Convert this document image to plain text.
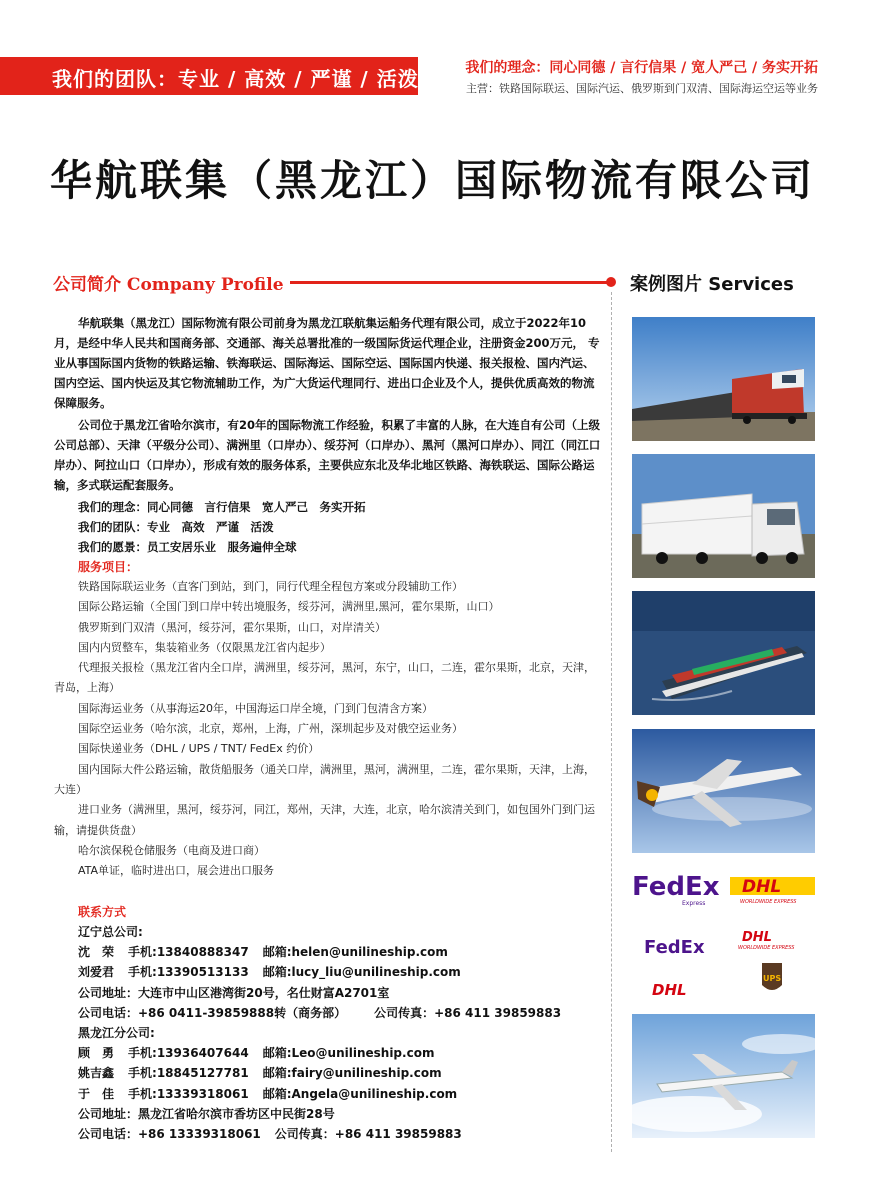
我们的团队：专业 / 高效 / 严谨 / 活泼	我们的理念：同心同德 / 言行信果 / 宽人严己 / 务实开拓
主营：铁路国际联运、国际汽运、俄罗斯到门双清、国际海运空运等业务
华航联集（黑龙江）国际物流有限公司
公司简介 Company Profile	案例图片 Services

华航联集（黑龙江）国际物流有限公司前身为黑龙江联航集运船务代理有限公司，成立于2022年10月，是经中华人民共和国商务部、交通部、海关总署批准的一级国际货运代理企业，注册资金200万元， 专业从事国际国内货物的铁路运输、铁海联运、国际海运、国际空运、国际国内快递、报关报检、国内汽运、国内空运、国内快运及其它物流辅助工作，为广大货运代理同行、进出口企业及个人，提供优质高效的物流保障服务。

公司位于黑龙江省哈尔滨市，有20年的国际物流工作经验，积累了丰富的人脉，在大连自有公司（上级公司总部）、天津（平级分公司）、满洲里（口岸办）、绥芬河（口岸办）、黑河（黑河口岸办）、同江（同江口岸办）、阿拉山口（口岸办），形成有效的服务体系，主要供应东北及华北地区铁路、海铁联运、国际公路运输，多式联运配套服务。

我们的理念：同心同德　言行信果　宽人严己　务实开拓
我们的团队：专业　高效　严谨　活泼
我们的愿景：员工安居乐业　服务遍伸全球
服务项目：
铁路国际联运业务（直客门到站，到门，同行代理全程包方案或分段辅助工作）
国际公路运输（全国门到口岸中转出境服务，绥芬河，满洲里,黑河，霍尔果斯，山口）
俄罗斯到门双清（黑河，绥芬河，霍尔果斯，山口，对岸清关）
国内内贸整车，集装箱业务（仅限黑龙江省内起步）
代理报关报检（黑龙江省内全口岸，满洲里，绥芬河，黑河，东宁，山口，二连，霍尔果斯，北京，天津，青岛，上海）
国际海运业务（从事海运20年，中国海运口岸全境，门到门包清含方案）
国际空运业务（哈尔滨，北京，郑州，上海，广州，深圳起步及对俄空运业务）
国际快递业务（DHL / UPS / TNT/ FedEx 约价）
国内国际大件公路运输，散货船服务（通关口岸，满洲里，黑河，满洲里，二连，霍尔果斯，天津，上海，大连）
进口业务（满洲里，黑河，绥芬河，同江，郑州，天津，大连，北京，哈尔滨清关到门，如包国外门到门运输，请提供货盘）
哈尔滨保税仓储服务（电商及进口商）
ATA单证，临时进出口，展会进出口服务
联系方式
辽宁总公司:
沈　荣 手机:13840888347 邮箱:helen@unilineship.com
刘爱君 手机:13390513133 邮箱:lucy_liu@unilineship.com
公司地址：大连市中山区港湾街20号，名仕财富A2701室
公司电话：+86 0411-39859888转（商务部） 公司传真：+86 411 39859883
黑龙江分公司:
顾　勇 手机:13936407644 邮箱:Leo@unilineship.com
姚吉鑫 手机:18845127781 邮箱:fairy@unilineship.com
于　佳 手机:13339318061 邮箱:Angela@unilineship.com
公司地址：黑龙江省哈尔滨市香坊区中民街28号
公司电话：+86 13339318061 公司传真：+86 411 39859883
FedEx
Express
DHL
WORLDWIDE EXPRESS
FedEx	DHL
WORLDWIDE EXPRESS
DHL
UPS
